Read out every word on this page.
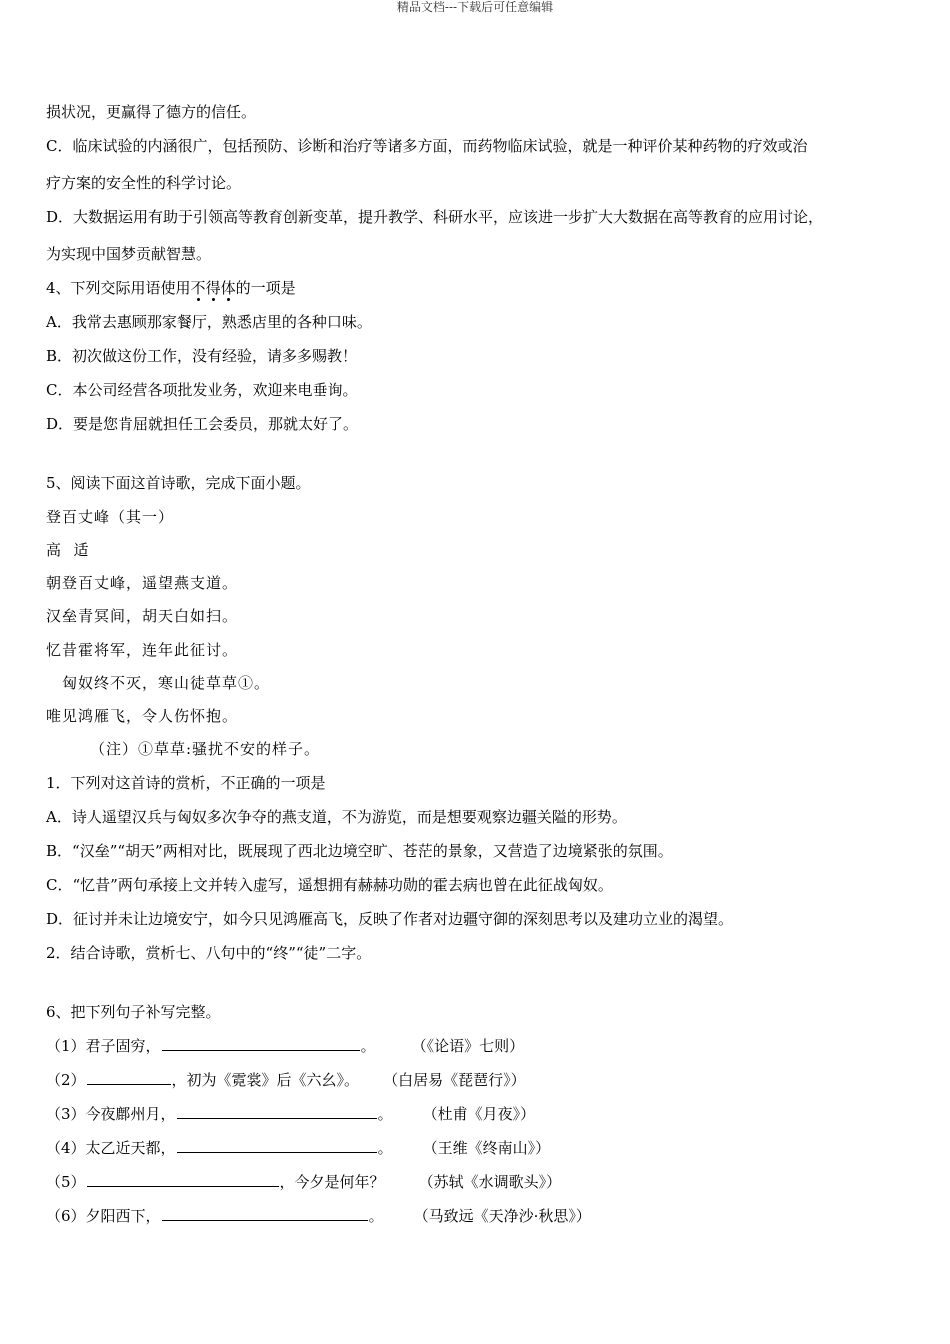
精品文档---下载后可任意编辑
损状况，更赢得了德方的信任。
C．临床试验的内涵很广，包括预防、诊断和治疗等诸多方面，而药物临床试验，就是一种评价某种药物的疗效或治
疗方案的安全性的科学讨论。
D．大数据运用有助于引领高等教育创新变革，提升教学、科研水平，应该进一步扩大大数据在高等教育的应用讨论，
为实现中国梦贡献智慧。
4、下列交际用语使用不得体的一项是
A．我常去惠顾那家餐厅，熟悉店里的各种口味。
B．初次做这份工作，没有经验，请多多赐教！
C．本公司经营各项批发业务，欢迎来电垂询。
D．要是您肯屈就担任工会委员，那就太好了。
5、阅读下面这首诗歌，完成下面小题。
登百丈峰（其一）
高  适
朝登百丈峰，遥望燕支道。
汉垒青冥间，胡天白如扫。
忆昔霍将军，连年此征讨。
匈奴终不灭，寒山徒草草①。
唯见鸿雁飞，令人伤怀抱。
（注）①草草:骚扰不安的样子。
1．下列对这首诗的赏析，不正确的一项是
A．诗人遥望汉兵与匈奴多次争夺的燕支道，不为游览，而是想要观察边疆关隘的形势。
B．“汉垒”“胡天”两相对比，既展现了西北边境空旷、苍茫的景象，又营造了边境紧张的氛围。
C．“忆昔”两句承接上文并转入虚写，遥想拥有赫赫功勋的霍去病也曾在此征战匈奴。
D．征讨并未让边境安宁，如今只见鸿雁高飞，反映了作者对边疆守御的深刻思考以及建功立业的渴望。
2．结合诗歌，赏析七、八句中的“终”“徒”二字。
6、把下列句子补写完整。
（1）君子固穷，	。 （《论语》七则）
（2）	，初为《霓裳》后《六幺》。 （白居易《琵琶行》）
（3）今夜鄜州月，	。 （杜甫《月夜》）
（4）太乙近天都，	。 （王维《终南山》）
（5）	，今夕是何年？ （苏轼《水调歌头》）
（6）夕阳西下，	。 （马致远《天净沙·秋思》）
